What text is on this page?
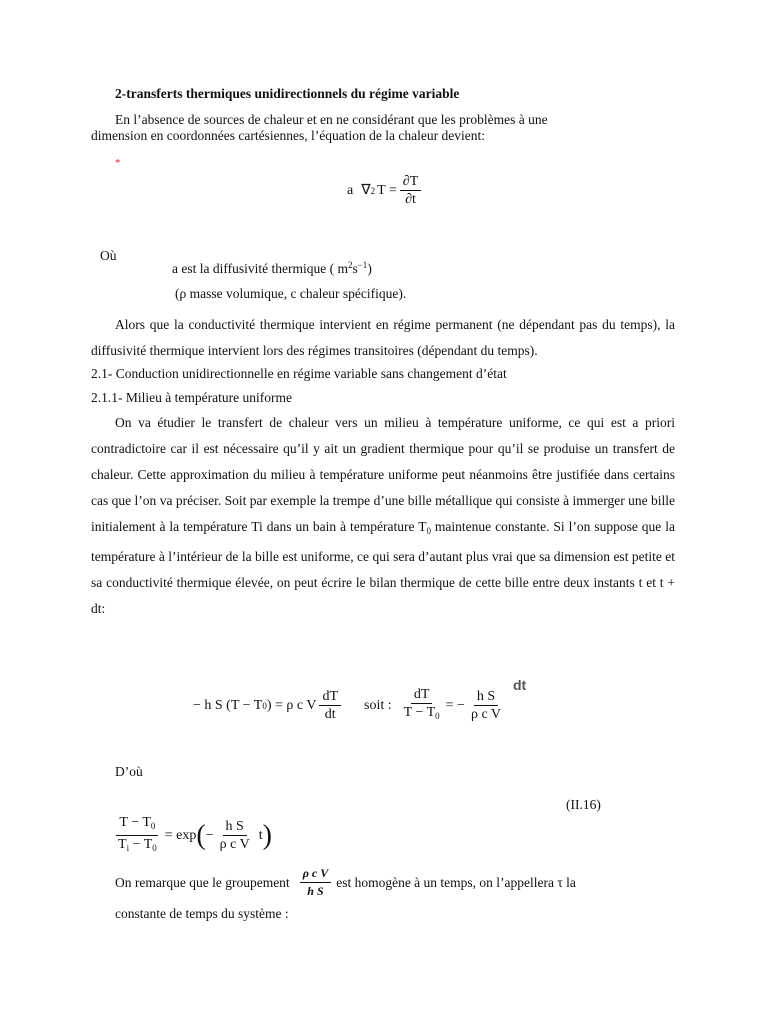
2-transferts thermiques unidirectionnels du régime variable
En l’absence de sources de chaleur et en ne considérant que les problèmes à une
dimension en coordonnées cartésiennes, l’équation de la chaleur devient:
*
a ∇ 2 $T = \frac{\partial T}{\partial t}$
Où
a est la diffusivité thermique ( $m^2s^{-1}$)
(ρ masse volumique, c chaleur spécifique).
Alors que la conductivité thermique intervient en régime permanent (ne dépendant pas du temps), la diffusivité thermique intervient lors des régimes transitoires (dépendant du temps).
2.1- Conduction unidirectionnelle en régime variable sans changement d’état
2.1.1- Milieu à température uniforme
On va étudier le transfert de chaleur vers un milieu à température uniforme, ce qui est a priori contradictoire car il est nécessaire qu’il y ait un gradient thermique pour qu’il se produise un transfert de chaleur. Cette approximation du milieu à température uniforme peut néanmoins être justifiée dans certains cas que l’on va préciser. Soit par exemple la trempe d’une bille métallique qui consiste à immerger une bille initialement à la température Ti dans un bain à température $T_0$ maintenue constante. Si l’on suppose que la température à l’intérieur de la bille est uniforme, ce qui sera d’autant plus vrai que sa dimension est petite et sa conductivité thermique élevée, on peut écrire le bilan thermique de cette bille entre deux instants t et t + dt:
− h S (T − T 0 ) = ρ c V $\frac{dT}{dt}$ soit : $\frac{dT}{T - T_0}$ = − $\frac{\text{h S}}{\text{ρ c V}}$
dt
D’où
(II.16)
$\frac{T - T_0}{T_i - T_0} = \exp$ ( − $\frac{\text{h S}}{\text{ρ c V}}$ t )
On remarque que le groupement $\frac{\text{ρ c V}}{\text{h S}}$ est homogène à un temps, on l’appellera τ la
constante de temps du système :
